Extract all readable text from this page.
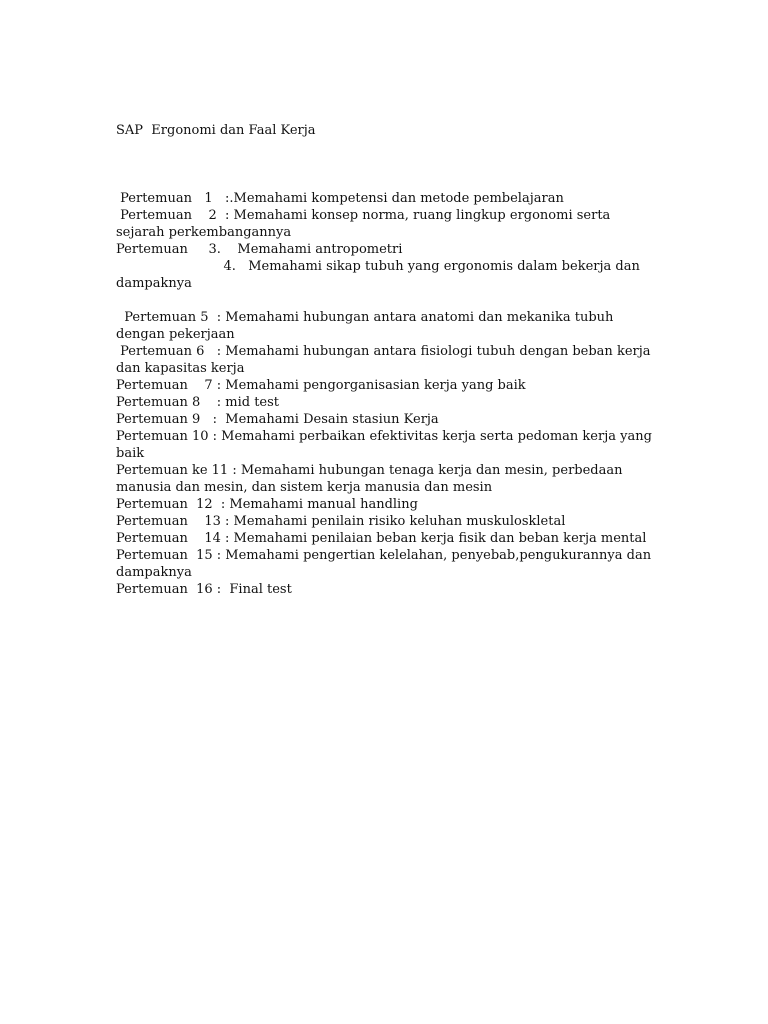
SAP  Ergonomi dan Faal Kerja
Pertemuan   1   :.Memahami kompetensi dan metode pembelajaran
Pertemuan    2  : Memahami konsep norma, ruang lingkup ergonomi serta
sejarah perkembangannya
Pertemuan     3.    Memahami antropometri
4.   Memahami sikap tubuh yang ergonomis dalam bekerja dan
dampaknya
Pertemuan 5  : Memahami hubungan antara anatomi dan mekanika tubuh
dengan pekerjaan
Pertemuan 6   : Memahami hubungan antara fisiologi tubuh dengan beban kerja
dan kapasitas kerja
Pertemuan    7 : Memahami pengorganisasian kerja yang baik
Pertemuan 8    : mid test
Pertemuan 9   :  Memahami Desain stasiun Kerja
Pertemuan 10 : Memahami perbaikan efektivitas kerja serta pedoman kerja yang
baik
Pertemuan ke 11 : Memahami hubungan tenaga kerja dan mesin, perbedaan
manusia dan mesin, dan sistem kerja manusia dan mesin
Pertemuan  12  : Memahami manual handling
Pertemuan    13 : Memahami penilain risiko keluhan muskuloskletal
Pertemuan    14 : Memahami penilaian beban kerja fisik dan beban kerja mental
Pertemuan  15 : Memahami pengertian kelelahan, penyebab,pengukurannya dan
dampaknya
Pertemuan  16 :  Final test
